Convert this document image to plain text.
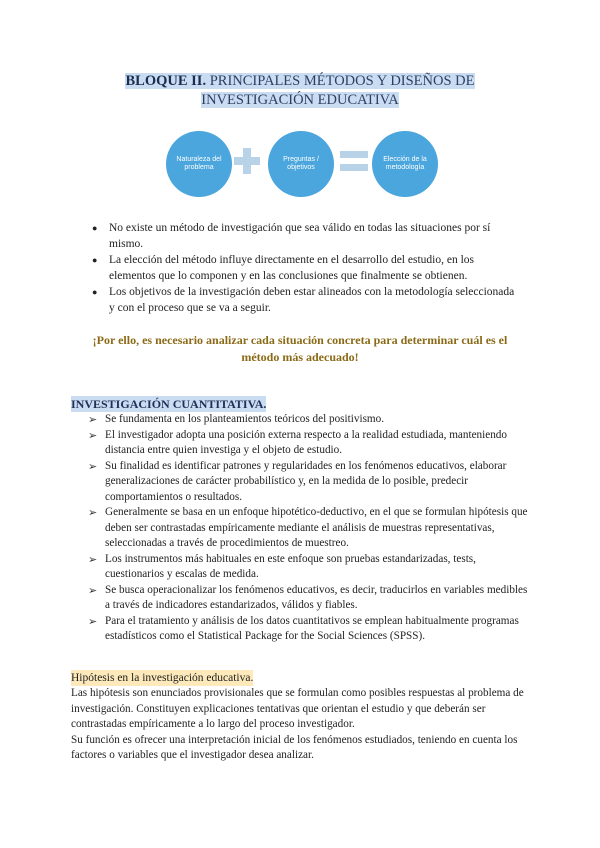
BLOQUE II. PRINCIPALES MÉTODOS Y DISEÑOS DE
INVESTIGACIÓN EDUCATIVA
Naturaleza del problema
Preguntas / objetivos
Elección de la metodología
●	No existe un método de investigación que sea válido en todas las situaciones por sí mismo.
●	La elección del método influye directamente en el desarrollo del estudio, en los elementos que lo componen y en las conclusiones que finalmente se obtienen.
●	Los objetivos de la investigación deben estar alineados con la metodología seleccionada y con el proceso que se va a seguir.
¡Por ello, es necesario analizar cada situación concreta para determinar cuál es el método más adecuado!
INVESTIGACIÓN CUANTITATIVA.
➢ Se fundamenta en los planteamientos teóricos del positivismo.
➢ El investigador adopta una posición externa respecto a la realidad estudiada, manteniendo distancia entre quien investiga y el objeto de estudio.
➢ Su finalidad es identificar patrones y regularidades en los fenómenos educativos, elaborar generalizaciones de carácter probabilístico y, en la medida de lo posible, predecir comportamientos o resultados.
➢ Generalmente se basa en un enfoque hipotético-deductivo, en el que se formulan hipótesis que deben ser contrastadas empíricamente mediante el análisis de muestras representativas, seleccionadas a través de procedimientos de muestreo.
➢ Los instrumentos más habituales en este enfoque son pruebas estandarizadas, tests, cuestionarios y escalas de medida.
➢ Se busca operacionalizar los fenómenos educativos, es decir, traducirlos en variables medibles a través de indicadores estandarizados, válidos y fiables.
➢ Para el tratamiento y análisis de los datos cuantitativos se emplean habitualmente programas estadísticos como el Statistical Package for the Social Sciences (SPSS).
Hipótesis en la investigación educativa.

Las hipótesis son enunciados provisionales que se formulan como posibles respuestas al problema de investigación. Constituyen explicaciones tentativas que orientan el estudio y que deberán ser contrastadas empíricamente a lo largo del proceso investigador.

Su función es ofrecer una interpretación inicial de los fenómenos estudiados, teniendo en cuenta los factores o variables que el investigador desea analizar.
